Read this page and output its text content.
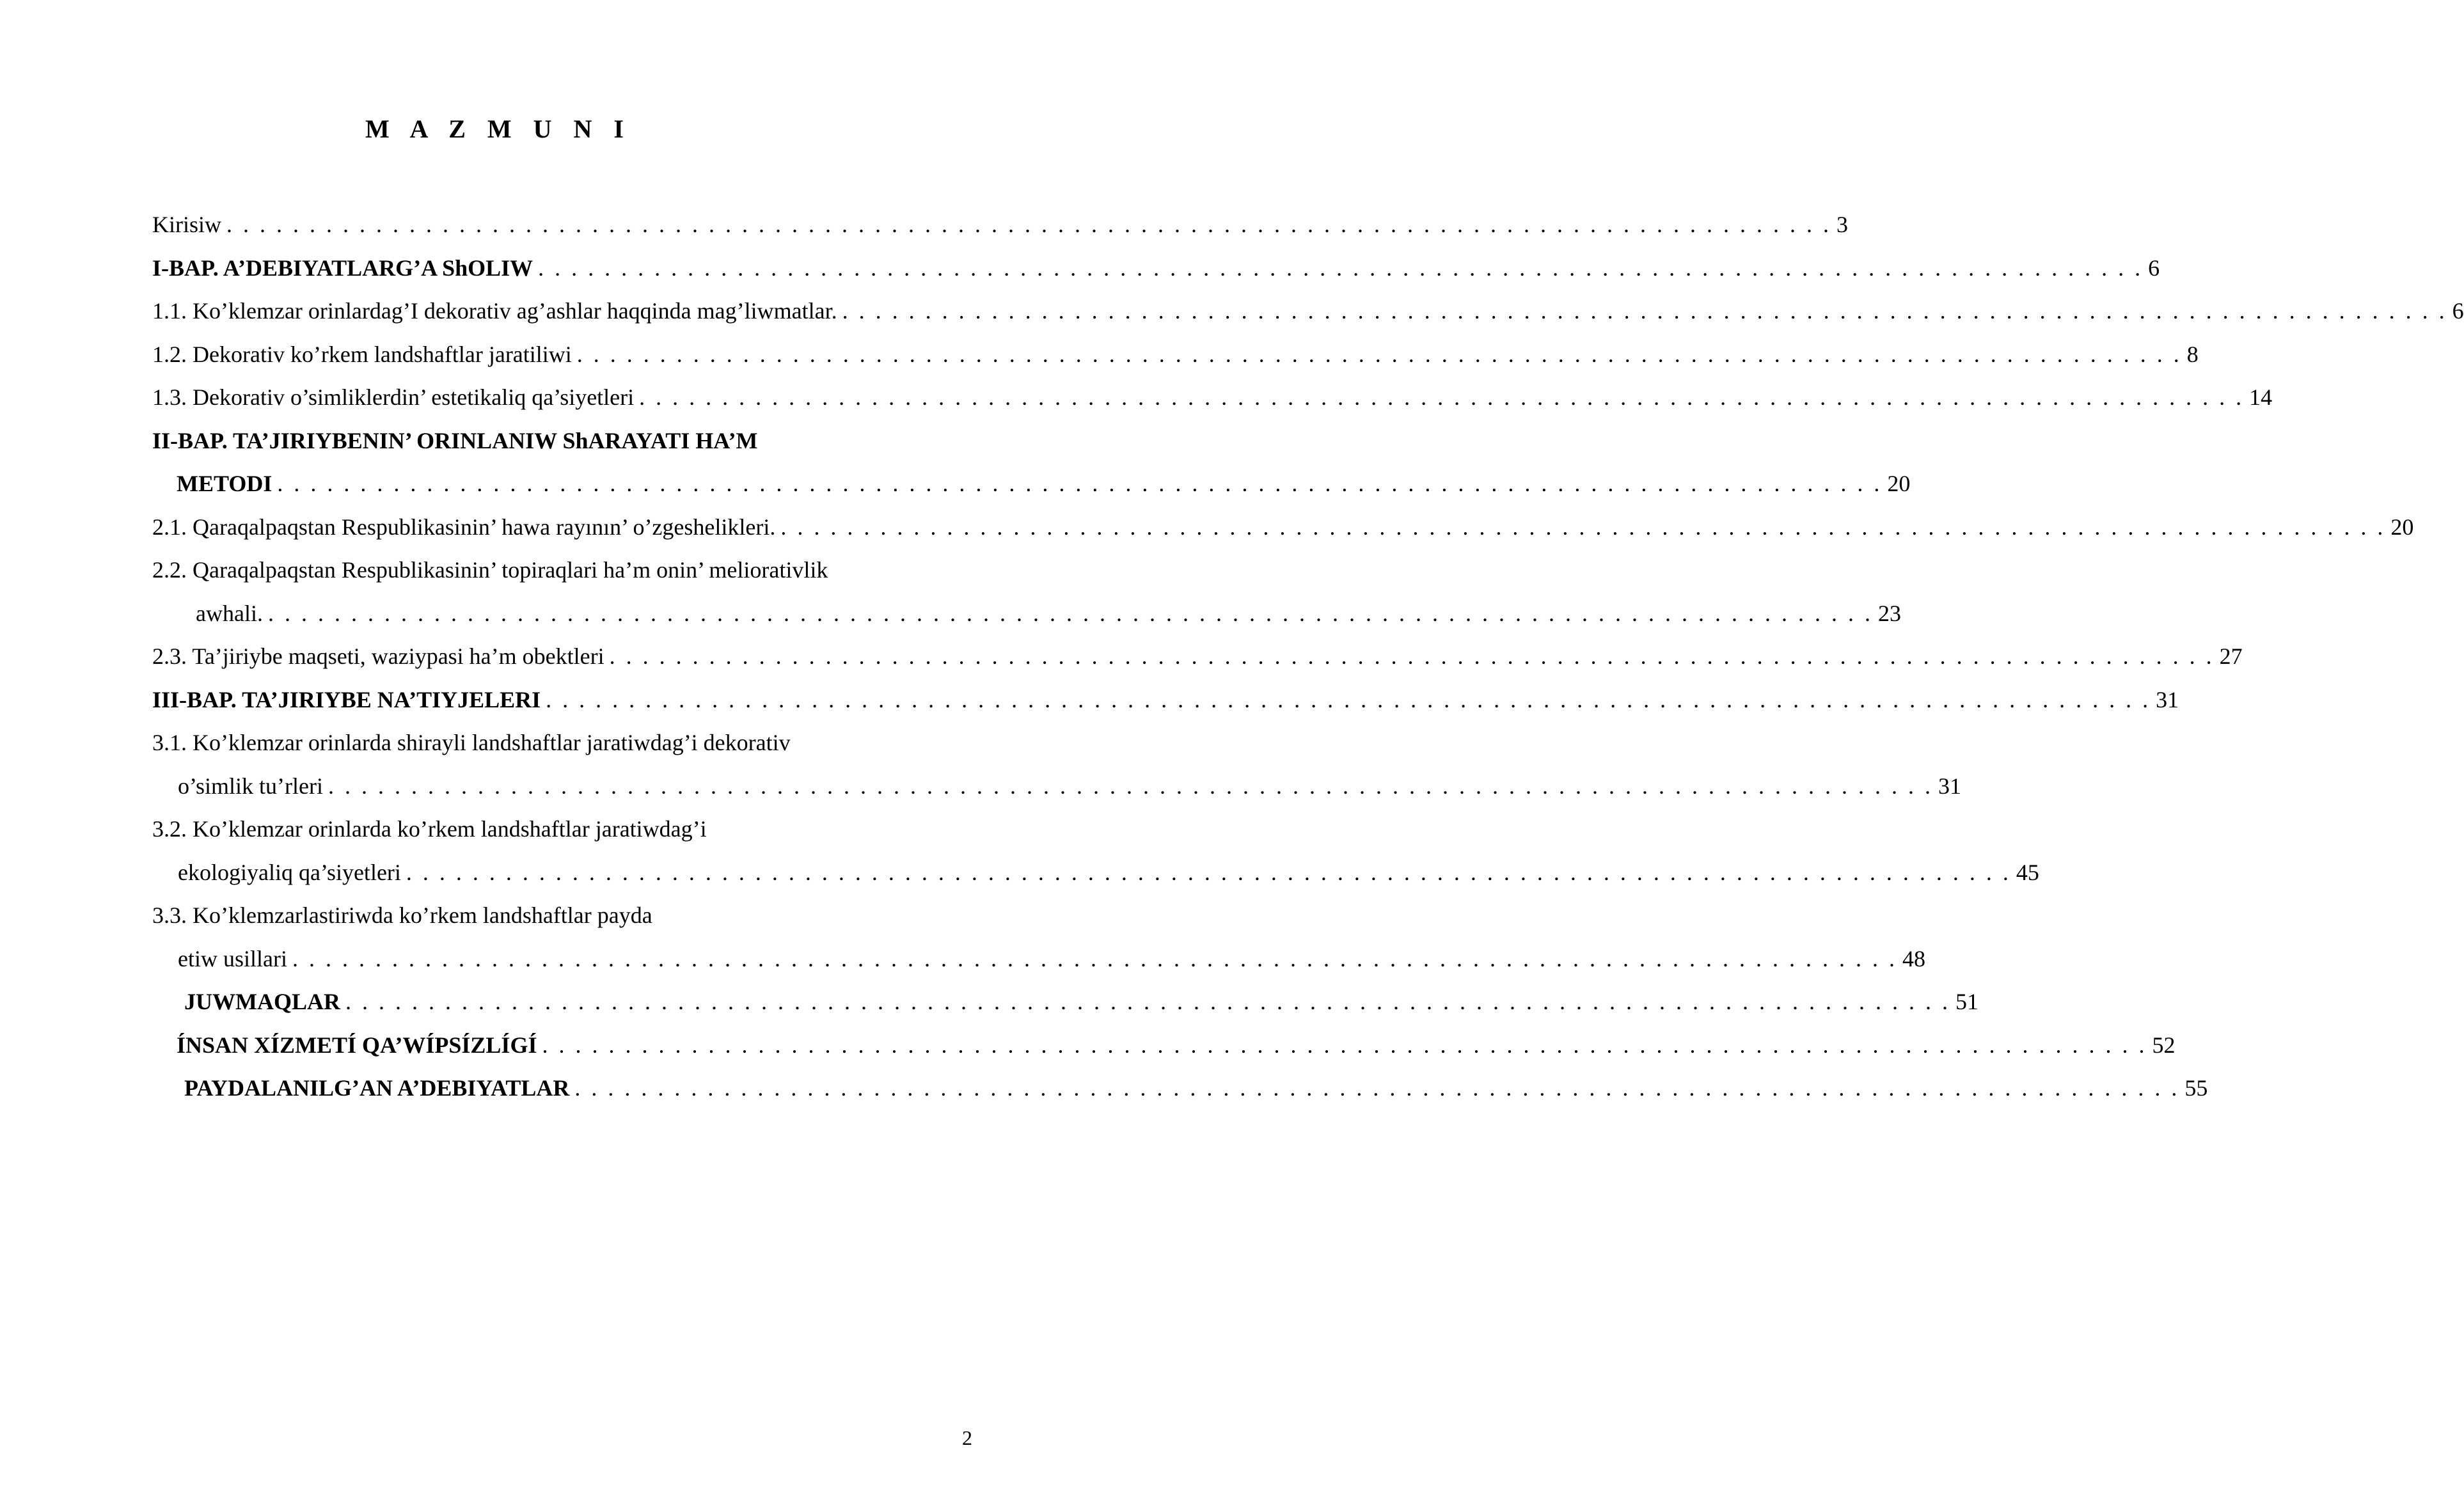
M A Z M U N I
Kirisiw . . .	3
I-BAP. A’DEBIYATLARG’A ShOLIW . . .	6
1.1. Ko’klemzar orinlardag’I dekorativ ag’ashlar haqqinda mag’liwmatlar. . . .	6
1.2. Dekorativ ko’rkem landshaftlar jaratiliwi . . .	8
1.3. Dekorativ o’simliklerdin’ estetikaliq qa’siyetleri . . .	14
II-BAP. TA’JIRIYBENIN’ ORINLANIW ShARAYATI HA’M
METODI . . .	20
2.1. Qaraqalpaqstan Respublikasinin’ hawa rayının’ o’zgeshelikleri. . . .	20
2.2. Qaraqalpaqstan Respublikasinin’ topiraqlari ha’m onin’ meliorativlik
awhali. . . .	23
2.3. Ta’jiriybe maqseti, waziypasi ha’m obektleri . . .	27
III-BAP. TA’JIRIYBE NA’TIYJELERI . . .	31
3.1. Ko’klemzar orinlarda shirayli landshaftlar jaratiwdag’i dekorativ
o’simlik tu’rleri . . .	31
3.2. Ko’klemzar orinlarda ko’rkem landshaftlar jaratiwdag’i
ekologiyaliq qa’siyetleri . . .	45
3.3. Ko’klemzarlastiriwda ko’rkem landshaftlar payda
etiw usillari . . .	48
JUWMAQLAR . . .	51
ÍNSAN XÍZMETÍ QA’WÍPSÍZLÍGÍ . . .	52
PAYDALANILG’AN A’DEBIYATLAR . . .	55
2
